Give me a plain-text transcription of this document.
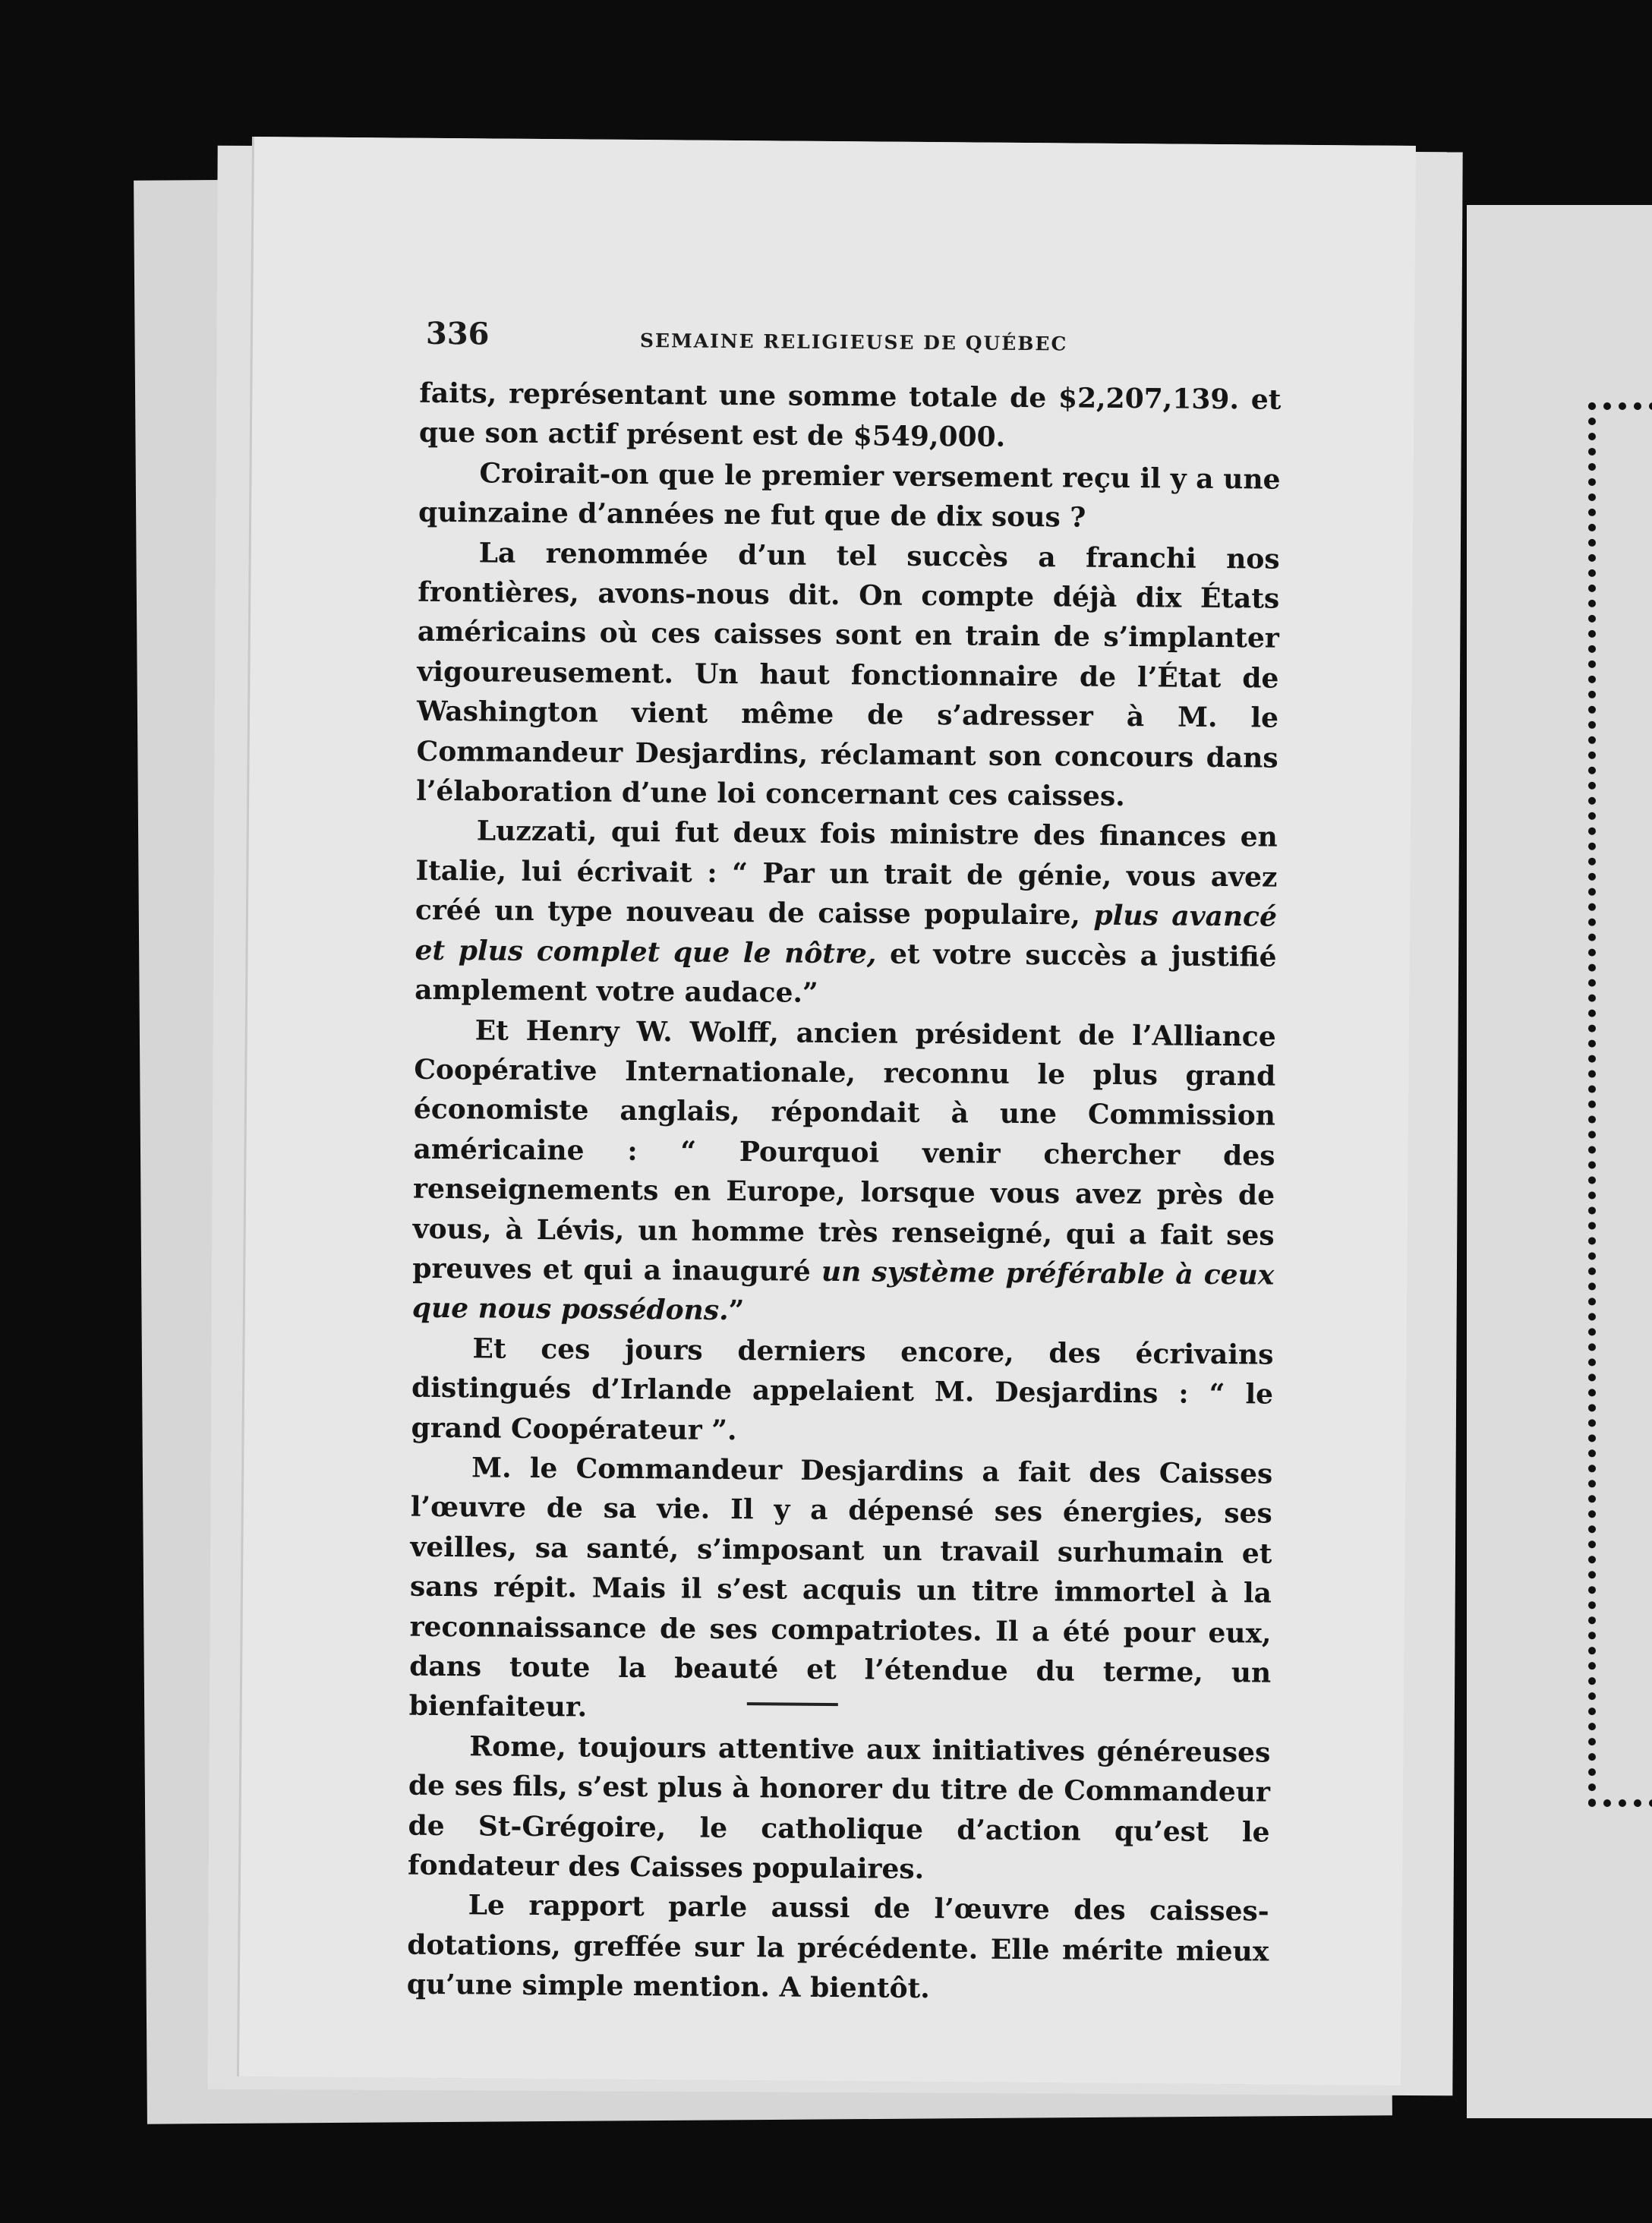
336	SEMAINE RELIGIEUSE DE QUÉBEC

faits, représentant une somme totale de $2,207,139. et que son actif présent est de $549,000.

Croirait-on que le premier versement reçu il y a une quinzaine d’années ne fut que de dix sous ?

La renommée d’un tel succès a franchi nos frontières, avons-nous dit. On compte déjà dix États américains où ces caisses sont en train de s’implanter vigoureusement. Un haut fonctionnaire de l’État de Washington vient même de s’adresser à M. le Commandeur Desjardins, réclamant son concours dans l’élaboration d’une loi concernant ces caisses.

Luzzati, qui fut deux fois ministre des finances en Italie, lui écrivait : “ Par un trait de génie, vous avez créé un type nouveau de caisse populaire, plus avancé et plus complet que le nôtre, et votre succès a justifié amplement votre audace.”

Et Henry W. Wolff, ancien président de l’Alliance Coopérative Internationale, reconnu le plus grand économiste anglais, répondait à une Commission américaine : “ Pourquoi venir chercher des renseignements en Europe, lorsque vous avez près de vous, à Lévis, un homme très renseigné, qui a fait ses preuves et qui a inauguré un système préférable à ceux que nous possédons.”

Et ces jours derniers encore, des écrivains distingués d’Irlande appelaient M. Desjardins : “ le grand Coopérateur ”.

M. le Commandeur Desjardins a fait des Caisses l’œuvre de sa vie. Il y a dépensé ses énergies, ses veilles, sa santé, s’imposant un travail surhumain et sans répit. Mais il s’est acquis un titre immortel à la reconnaissance de ses compatriotes. Il a été pour eux, dans toute la beauté et l’étendue du terme, un bienfaiteur.

Rome, toujours attentive aux initiatives généreuses de ses fils, s’est plus à honorer du titre de Commandeur de St-Grégoire, le catholique d’action qu’est le fondateur des Caisses populaires.

Le rapport parle aussi de l’œuvre des caisses-dotations, greffée sur la précédente. Elle mérite mieux qu’une simple mention. A bientôt.
